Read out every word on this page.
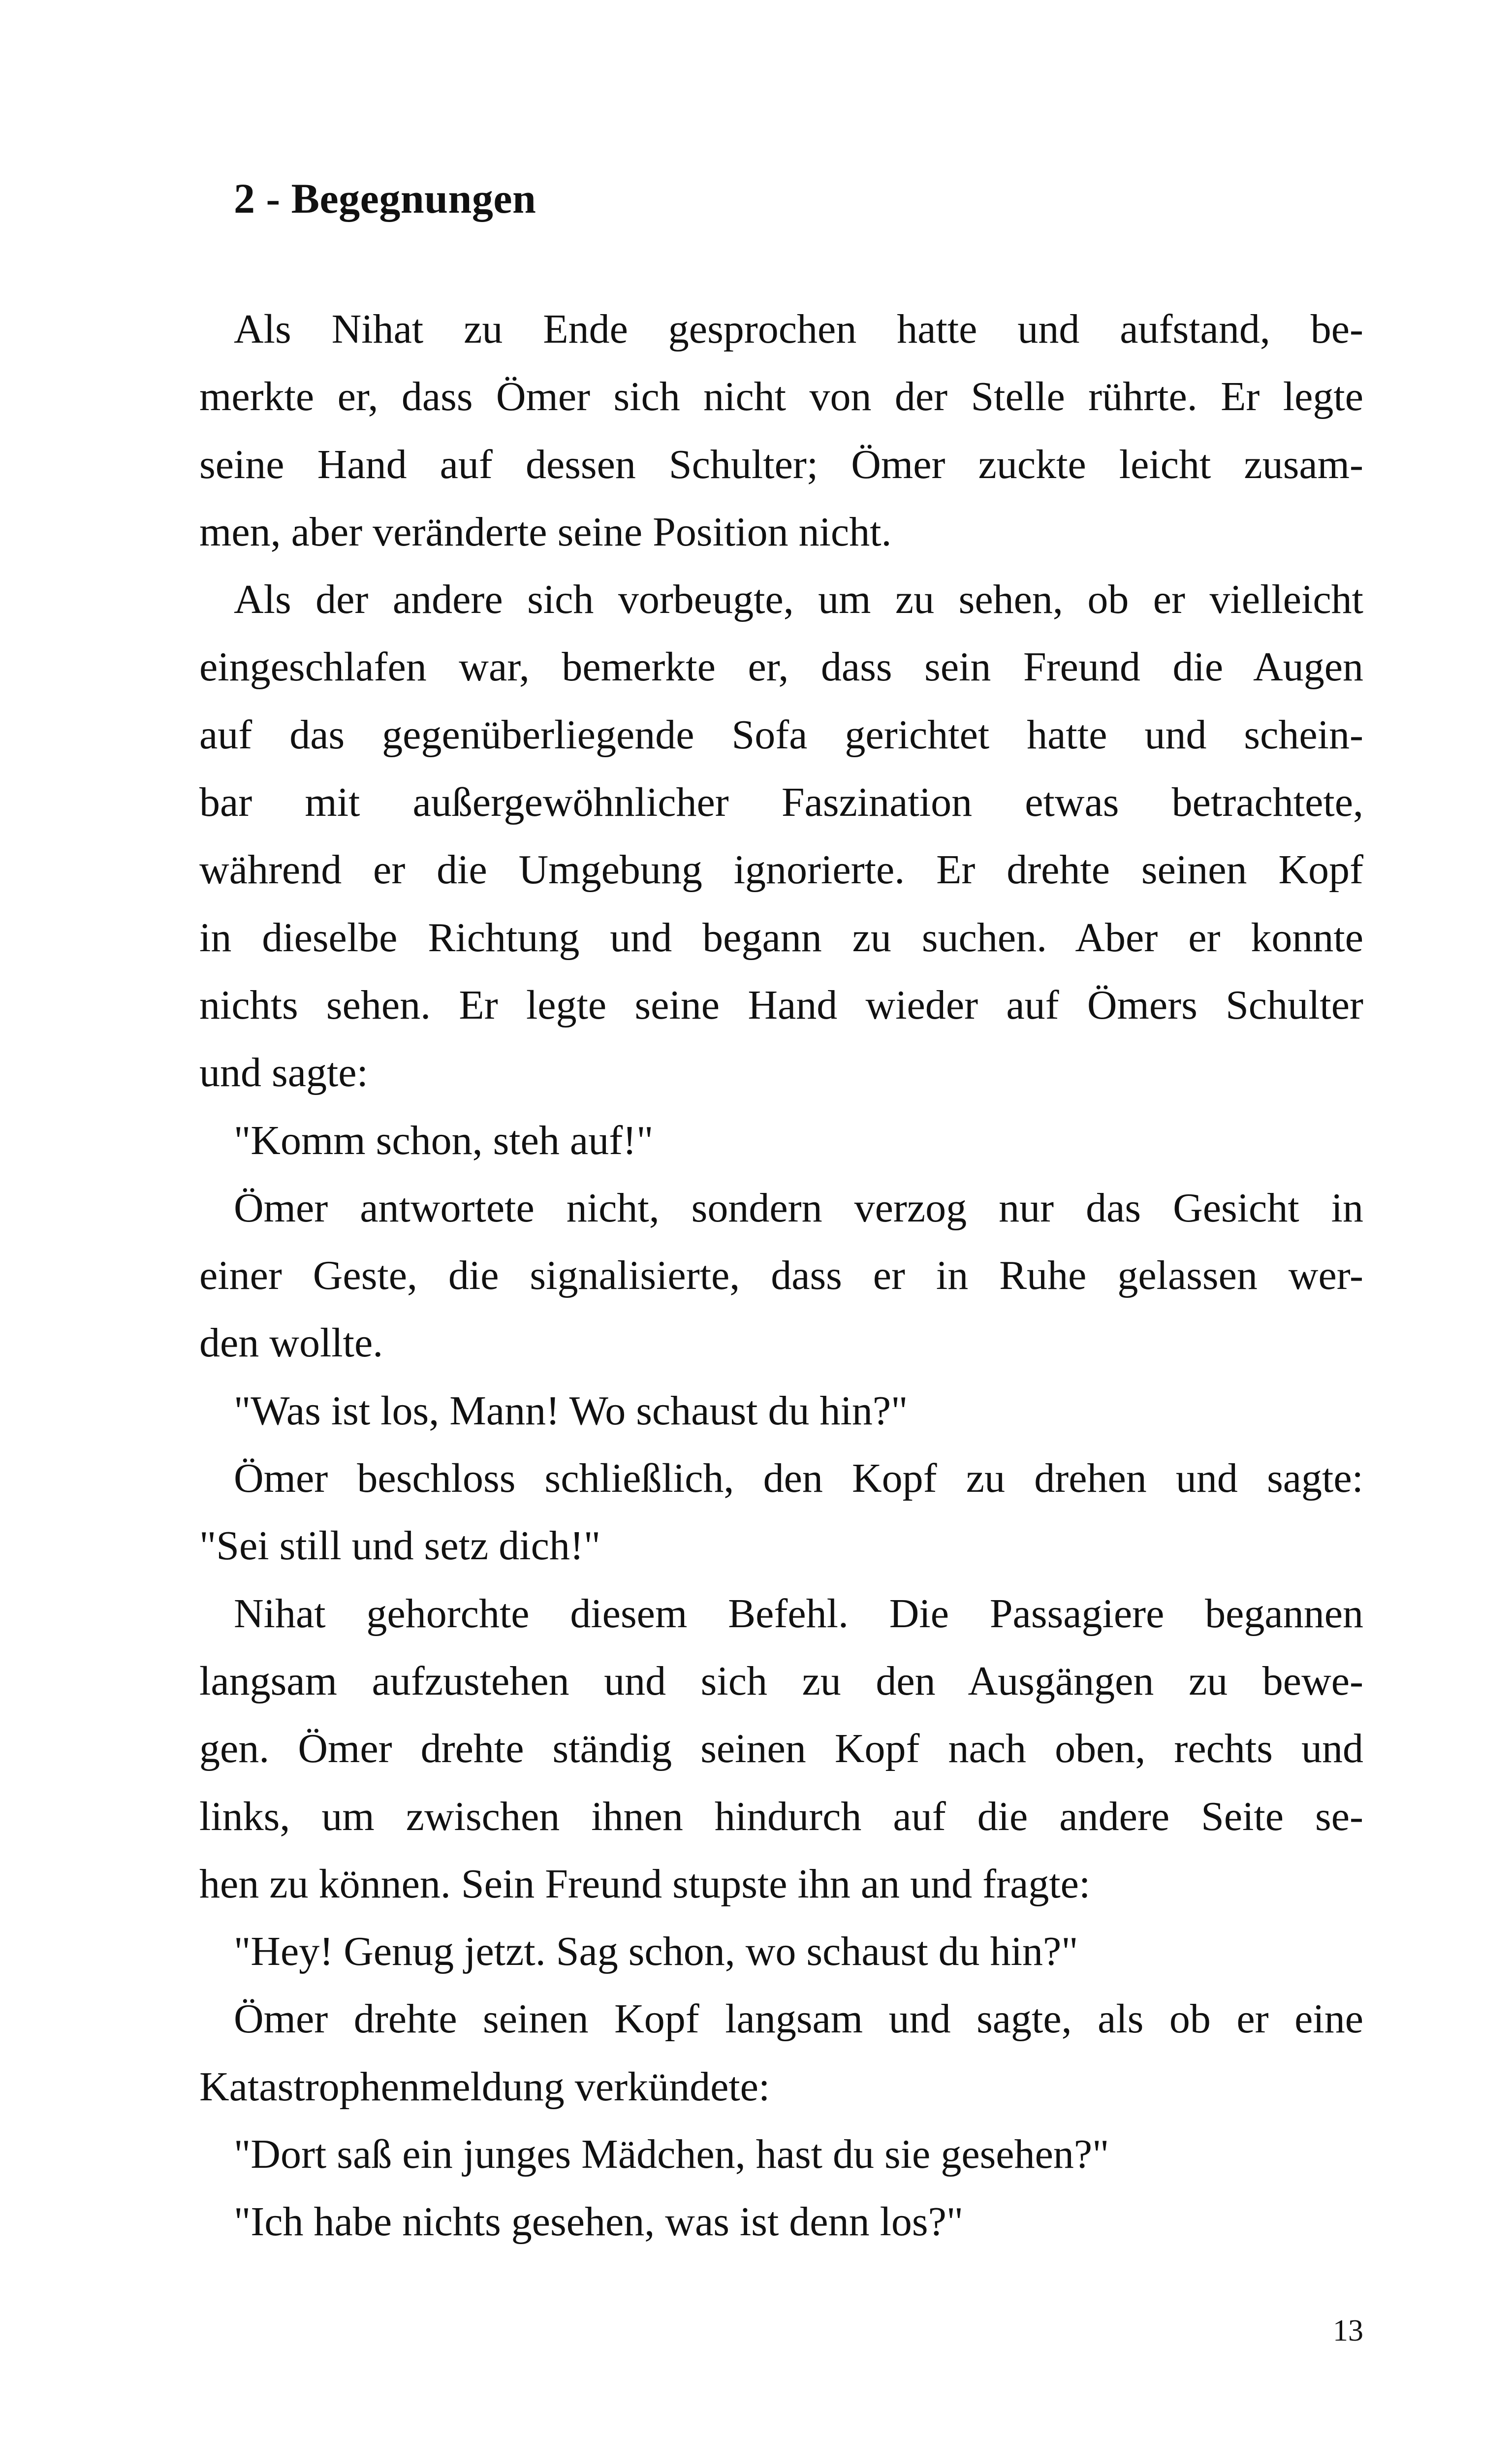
2 - Begegnungen
Als Nihat zu Ende gesprochen hatte und aufstand, be-
merkte er, dass Ömer sich nicht von der Stelle rührte. Er legte
seine Hand auf dessen Schulter; Ömer zuckte leicht zusam-
men, aber veränderte seine Position nicht.
Als der andere sich vorbeugte, um zu sehen, ob er vielleicht
eingeschlafen war, bemerkte er, dass sein Freund die Augen
auf das gegenüberliegende Sofa gerichtet hatte und schein-
bar mit außergewöhnlicher Faszination etwas betrachtete,
während er die Umgebung ignorierte. Er drehte seinen Kopf
in dieselbe Richtung und begann zu suchen. Aber er konnte
nichts sehen. Er legte seine Hand wieder auf Ömers Schulter
und sagte:
"Komm schon, steh auf!"
Ömer antwortete nicht, sondern verzog nur das Gesicht in
einer Geste, die signalisierte, dass er in Ruhe gelassen wer-
den wollte.
"Was ist los, Mann! Wo schaust du hin?"
Ömer beschloss schließlich, den Kopf zu drehen und sagte:
"Sei still und setz dich!"
Nihat gehorchte diesem Befehl. Die Passagiere begannen
langsam aufzustehen und sich zu den Ausgängen zu bewe-
gen. Ömer drehte ständig seinen Kopf nach oben, rechts und
links, um zwischen ihnen hindurch auf die andere Seite se-
hen zu können. Sein Freund stupste ihn an und fragte:
"Hey! Genug jetzt. Sag schon, wo schaust du hin?"
Ömer drehte seinen Kopf langsam und sagte, als ob er eine
Katastrophenmeldung verkündete:
"Dort saß ein junges Mädchen, hast du sie gesehen?"
"Ich habe nichts gesehen, was ist denn los?"
13
